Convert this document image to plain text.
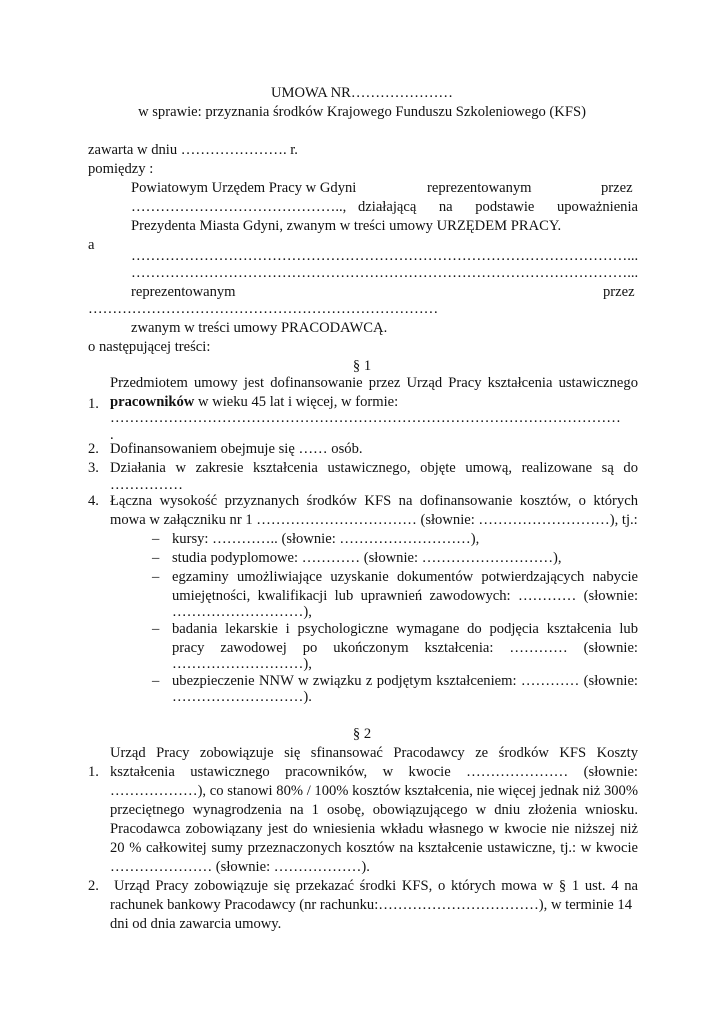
UMOWA NR…………………
w sprawie: przyznania środków Krajowego Funduszu Szkoleniowego (KFS)
zawarta w dniu …………………. r.
pomiędzy :
Powiatowym Urzędem Pracy w Gdyni	reprezentowanym	przez
…………………………………….., działającą na podstawie upoważnienia
Prezydenta Miasta Gdyni, zwanym w treści umowy URZĘDEM PRACY.
a
…………………………………………………………………………………………...
…………………………………………………………………………………………...
reprezentowanym	przez
………………………………………………………………
zwanym w treści umowy PRACODAWCĄ.
o następującej treści:
§ 1
1.
Przedmiotem umowy jest dofinansowanie przez Urząd Pracy kształcenia ustawicznego
pracowników w wieku 45 lat i więcej, w formie:
……………………………………………………………………………………………
.
2. Dofinansowaniem obejmuje się …… osób.
3. Działania w zakresie kształcenia ustawicznego, objęte umową, realizowane są do
……………
4. Łączna wysokość przyznanych środków KFS na dofinansowanie kosztów, o których
mowa w załączniku nr 1 …………………………… (słownie: ………………………), tj.:
– kursy: ………….. (słownie: ………………………),
– studia podyplomowe: ………… (słownie: ………………………),
– egzaminy umożliwiające uzyskanie dokumentów potwierdzających nabycie
umiejętności, kwalifikacji lub uprawnień zawodowych: ………… (słownie:
………………………),
– badania lekarskie i psychologiczne wymagane do podjęcia kształcenia lub
pracy zawodowej po ukończonym kształcenia: ………… (słownie:
………………………),
– ubezpieczenie NNW w związku z podjętym kształceniem: ………… (słownie:
………………………).
§ 2
1.
Urząd Pracy zobowiązuje się sfinansować Pracodawcy ze środków KFS Koszty
kształcenia ustawicznego pracowników, w kwocie ………………… (słownie:
………………), co stanowi 80% / 100% kosztów kształcenia, nie więcej jednak niż 300%
przeciętnego wynagrodzenia na 1 osobę, obowiązującego w dniu złożenia wniosku.
Pracodawca zobowiązany jest do wniesienia wkładu własnego w kwocie nie niższej niż
20 % całkowitej sumy przeznaczonych kosztów na kształcenie ustawiczne, tj.: w kwocie
………………… (słownie: ………………).
2. Urząd Pracy zobowiązuje się przekazać środki KFS, o których mowa w § 1 ust. 4 na
rachunek bankowy Pracodawcy (nr rachunku:……………………………), w terminie 14
dni od dnia zawarcia umowy.
